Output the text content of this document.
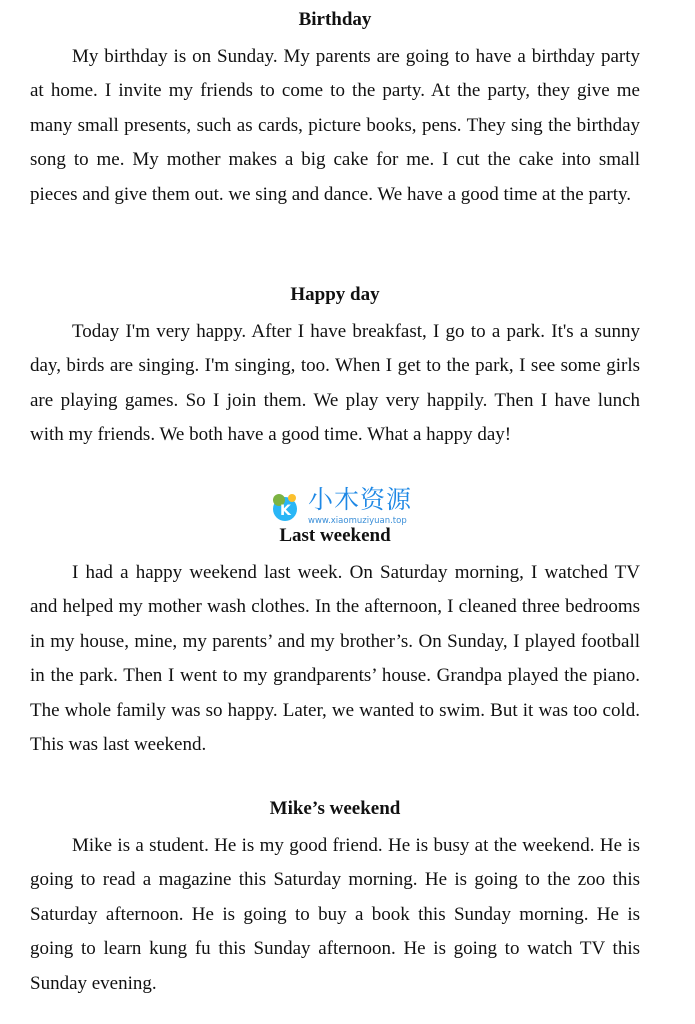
Birthday

My birthday is on Sunday. My parents are going to have a birthday party at home. I invite my friends to come to the party. At the party, they give me many small presents, such as cards, picture books, pens. They sing the birthday song to me. My mother makes a big cake for me. I cut the cake into small pieces and give them out. we sing and dance. We have a good time at the party.

Happy day

Today I'm very happy. After I have breakfast, I go to a park. It's a sunny day, birds are singing. I'm singing, too. When I get to the park, I see some girls are playing games. So I join them. We play very happily. Then I have lunch with my friends. We both have a good time. What a happy day!

Last weekend

I had a happy weekend last week. On Saturday morning, I watched TV and helped my mother wash clothes. In the afternoon, I cleaned three bedrooms in my house, mine, my parents’ and my brother’s. On Sunday, I played football in the park. Then I went to my grandparents’ house. Grandpa played the piano. The whole family was so happy. Later, we wanted to swim. But it was too cold. This was last weekend.

Mike’s weekend

Mike is a student. He is my good friend. He is busy at the weekend. He is going to read a magazine this Saturday morning. He is going to the zoo this Saturday afternoon. He is going to buy a book this Sunday morning. He is going to learn kung fu this Sunday afternoon. He is going to watch TV this Sunday evening.

K 小木资源
www.xiaomuziyuan.top
